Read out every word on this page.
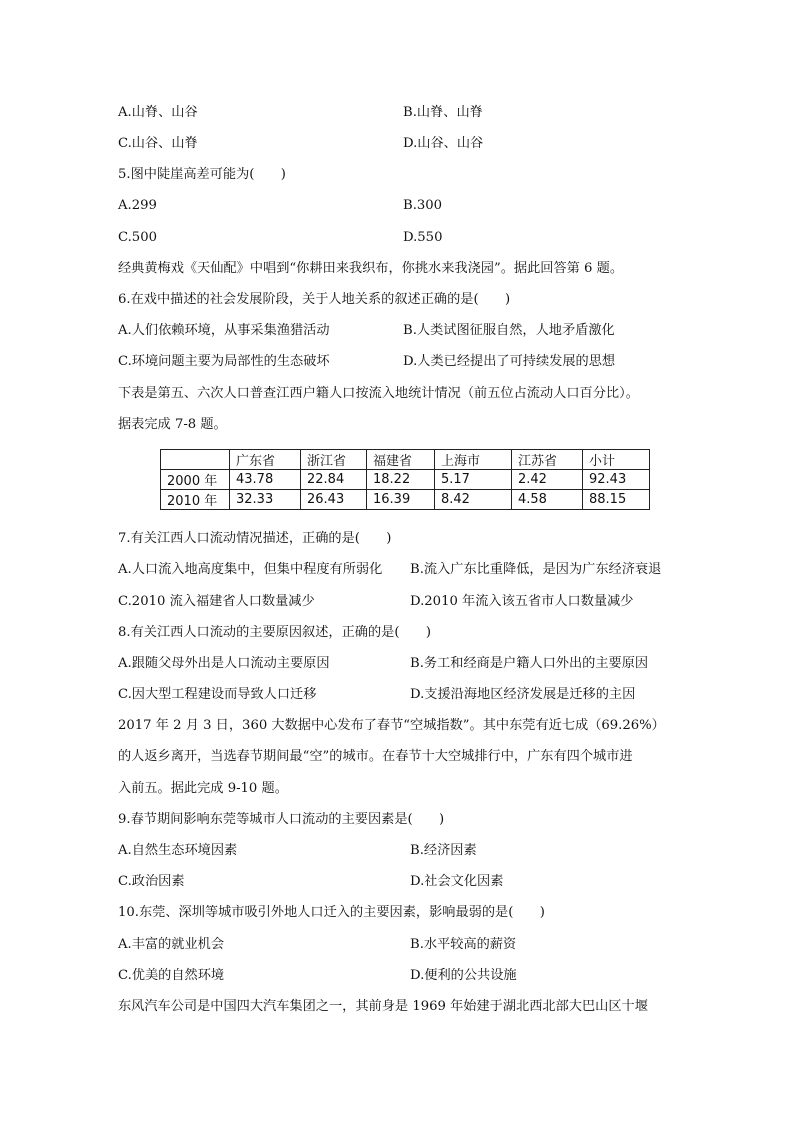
A.山脊、山谷	B.山脊、山脊
C.山谷、山脊	D.山谷、山谷
5.图中陡崖高差可能为(　　)
A.299	B.300
C.500	D.550
经典黄梅戏《天仙配》中唱到“你耕田来我织布，你挑水来我浇园”。据此回答第 6 题。
6.在戏中描述的社会发展阶段，关于人地关系的叙述正确的是(　　)
A.人们依赖环境，从事采集渔猎活动	B.人类试图征服自然，人地矛盾激化
C.环境问题主要为局部性的生态破坏	D.人类已经提出了可持续发展的思想
下表是第五、六次人口普查江西户籍人口按流入地统计情况（前五位占流动人口百分比）。
据表完成 7-8 题。
	广东省	浙江省	福建省	上海市	江苏省	小计
2000 年	43.78	22.84	18.22	5.17	2.42	92.43
2010 年	32.33	26.43	16.39	8.42	4.58	88.15
7.有关江西人口流动情况描述，正确的是(　　)
A.人口流入地高度集中，但集中程度有所弱化 B.流入广东比重降低，是因为广东经济衰退
C.2010 流入福建省人口数量减少	D.2010 年流入该五省市人口数量减少
8.有关江西人口流动的主要原因叙述，正确的是(　　)
A.跟随父母外出是人口流动主要原因	B.务工和经商是户籍人口外出的主要原因
C.因大型工程建设而导致人口迁移	D.支援沿海地区经济发展是迁移的主因
2017 年 2 月 3 日，360 大数据中心发布了春节“空城指数”。其中东莞有近七成（69.26%）
的人返乡离开，当选春节期间最“空”的城市。在春节十大空城排行中，广东有四个城市进
入前五。据此完成 9-10 题。
9.春节期间影响东莞等城市人口流动的主要因素是(　　)
A.自然生态环境因素	B.经济因素
C.政治因素	D.社会文化因素
10.东莞、深圳等城市吸引外地人口迁入的主要因素，影响最弱的是(　　)
A.丰富的就业机会	B.水平较高的薪资
C.优美的自然环境	D.便利的公共设施
东风汽车公司是中国四大汽车集团之一，其前身是 1969 年始建于湖北西北部大巴山区十堰
